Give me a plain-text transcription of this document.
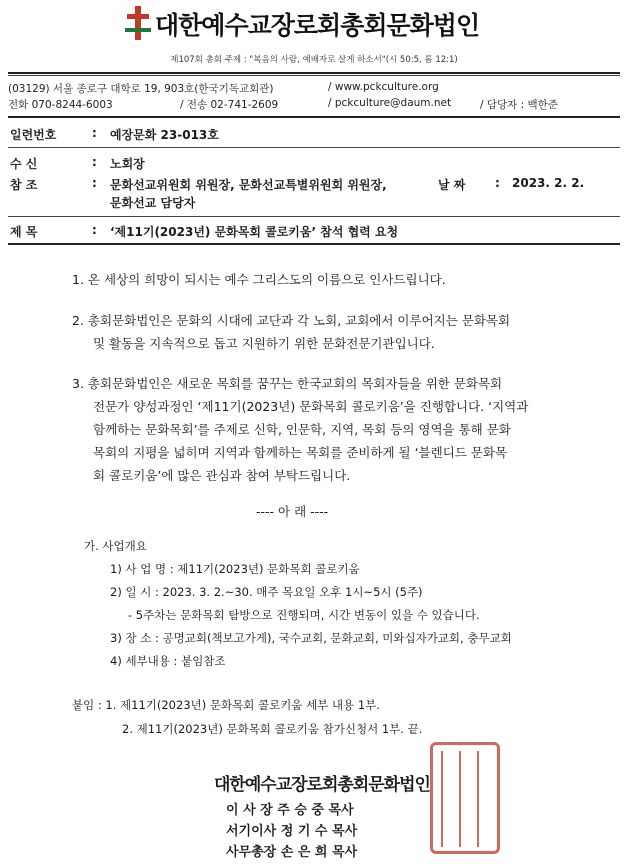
대한예수교장로회총회문화법인
제107회 총회 주제 : "복음의 사람, 예배자로 살게 하소서"(시 50:5, 롬 12:1)
(03129) 서울 종로구 대학로 19, 903호(한국기독교회관)	/ www.pckculture.org
전화 070-8244-6003	/ 전송 02-741-2609	/ pckculture@daum.net	/ 담당자 : 백한준
일련번호	: 예장문화 23-013호
수 신	: 노회장
참 조	: 문화선교위원회 위원장, 문화선교특별위원회 위원장,
문화선교 담당자
날 짜 : 2023. 2. 2.
제 목	: ‘제11기(2023년) 문화목회 콜로키움’ 참석 협력 요청
1. 온 세상의 희망이 되시는 예수 그리스도의 이름으로 인사드립니다.
2. 총회문화법인은 문화의 시대에 교단과 각 노회, 교회에서 이루어지는 문화목회
및 활동을 지속적으로 돕고 지원하기 위한 문화전문기관입니다.
3. 총회문화법인은 새로운 목회를 꿈꾸는 한국교회의 목회자들을 위한 문화목회
전문가 양성과정인 ‘제11기(2023년) 문화목회 콜로키움’을 진행합니다. ‘지역과
함께하는 문화목회’를 주제로 신학, 인문학, 지역, 목회 등의 영역을 통해 문화
목회의 지평을 넓히며 지역과 함께하는 목회를 준비하게 될 ‘블렌디드 문화목
회 콜로키움’에 많은 관심과 참여 부탁드립니다.
---- 아 래 ----
가. 사업개요
1) 사 업 명 : 제11기(2023년) 문화목회 콜로키움
2) 일 시 : 2023. 3. 2.~30. 매주 목요일 오후 1시~5시 (5주)
- 5주차는 문화목회 탐방으로 진행되며, 시간 변동이 있을 수 있습니다.
3) 장 소 : 공명교회(책보고가게), 국수교회, 문화교회, 미와십자가교회, 충무교회
4) 세부내용 : 붙임참조
붙임 : 1. 제11기(2023년) 문화목회 콜로키움 세부 내용 1부.
2. 제11기(2023년) 문화목회 콜로키움 참가신청서 1부. 끝.
대한예수교장로회총회문화법인
이 사 장 주 승 중 목사
서기이사 정 기 수 목사
사무총장 손 은 희 목사
